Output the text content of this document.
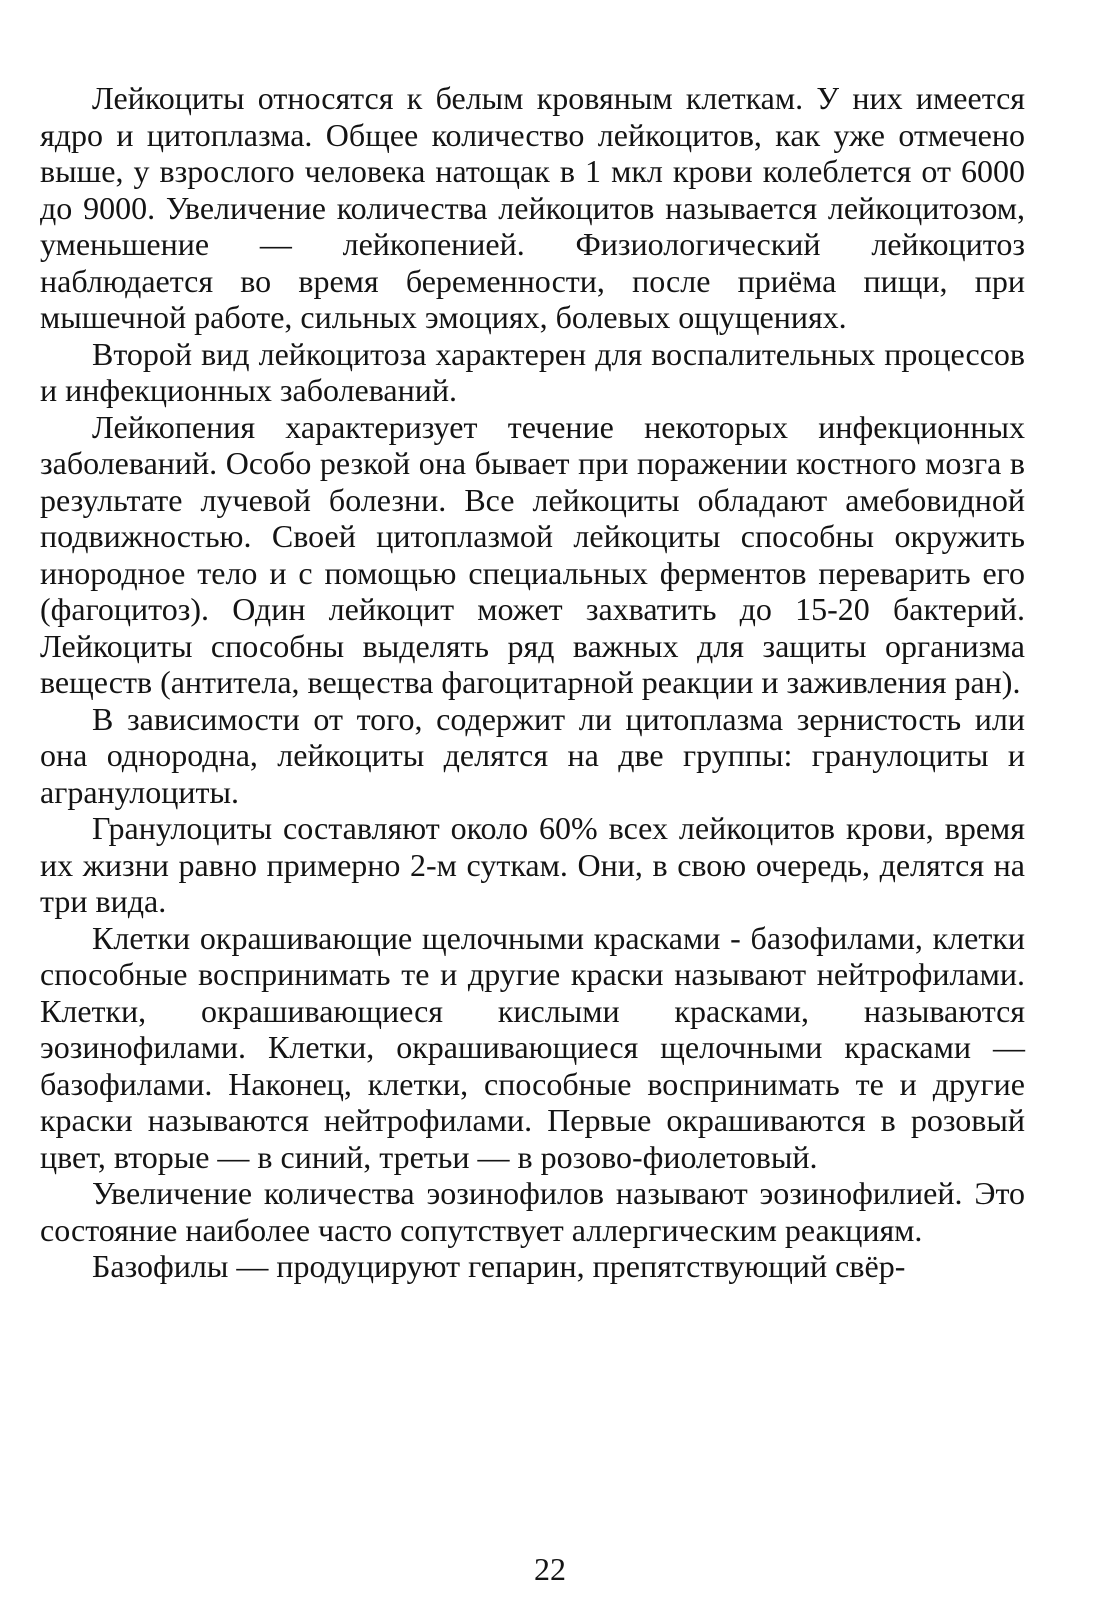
Лейкоциты относятся к белым кровяным клеткам. У них имеется ядро и цитоплазма. Общее количество лейкоцитов, как уже отмечено выше, у взрослого человека натощак в 1 мкл крови колеблется от 6000 до 9000. Увеличение количества лейкоцитов называется лейкоцитозом, уменьшение — лейкопенией. Физиологический лейкоцитоз наблюдается во время беременности, после приёма пищи, при мышечной работе, сильных эмоциях, болевых ощущениях.

Второй вид лейкоцитоза характерен для воспалительных процессов и инфекционных заболеваний.

Лейкопения характеризует течение некоторых инфекционных заболеваний. Особо резкой она бывает при поражении костного мозга в результате лучевой болезни. Все лейкоциты обладают амебовидной подвижностью. Своей цитоплазмой лейкоциты способны окружить инородное тело и с помощью специальных ферментов переварить его (фагоцитоз). Один лейкоцит может захватить до 15-20 бактерий. Лейкоциты способны выделять ряд важных для защиты организма веществ (антитела, вещества фагоцитарной реакции и заживления ран).

В зависимости от того, содержит ли цитоплазма зернистость или она однородна, лейкоциты делятся на две группы: гранулоциты и агранулоциты.

Гранулоциты составляют около 60% всех лейкоцитов крови, время их жизни равно примерно 2-м суткам. Они, в свою очередь, делятся на три вида.

Клетки окрашивающие щелочными красками - базофилами, клетки способные воспринимать те и другие краски называют нейтрофилами. Клетки, окрашивающиеся кислыми красками, называются эозинофилами. Клетки, окрашивающиеся щелочными красками — базофилами. Наконец, клетки, способные воспринимать те и другие краски называются нейтрофилами. Первые окрашиваются в розовый цвет, вторые — в синий, третьи — в розово-фиолетовый.

Увеличение количества эозинофилов называют эозинофилией. Это состояние наиболее часто сопутствует аллергическим реакциям.

Базофилы — продуцируют гепарин, препятствующий свёр-

22
